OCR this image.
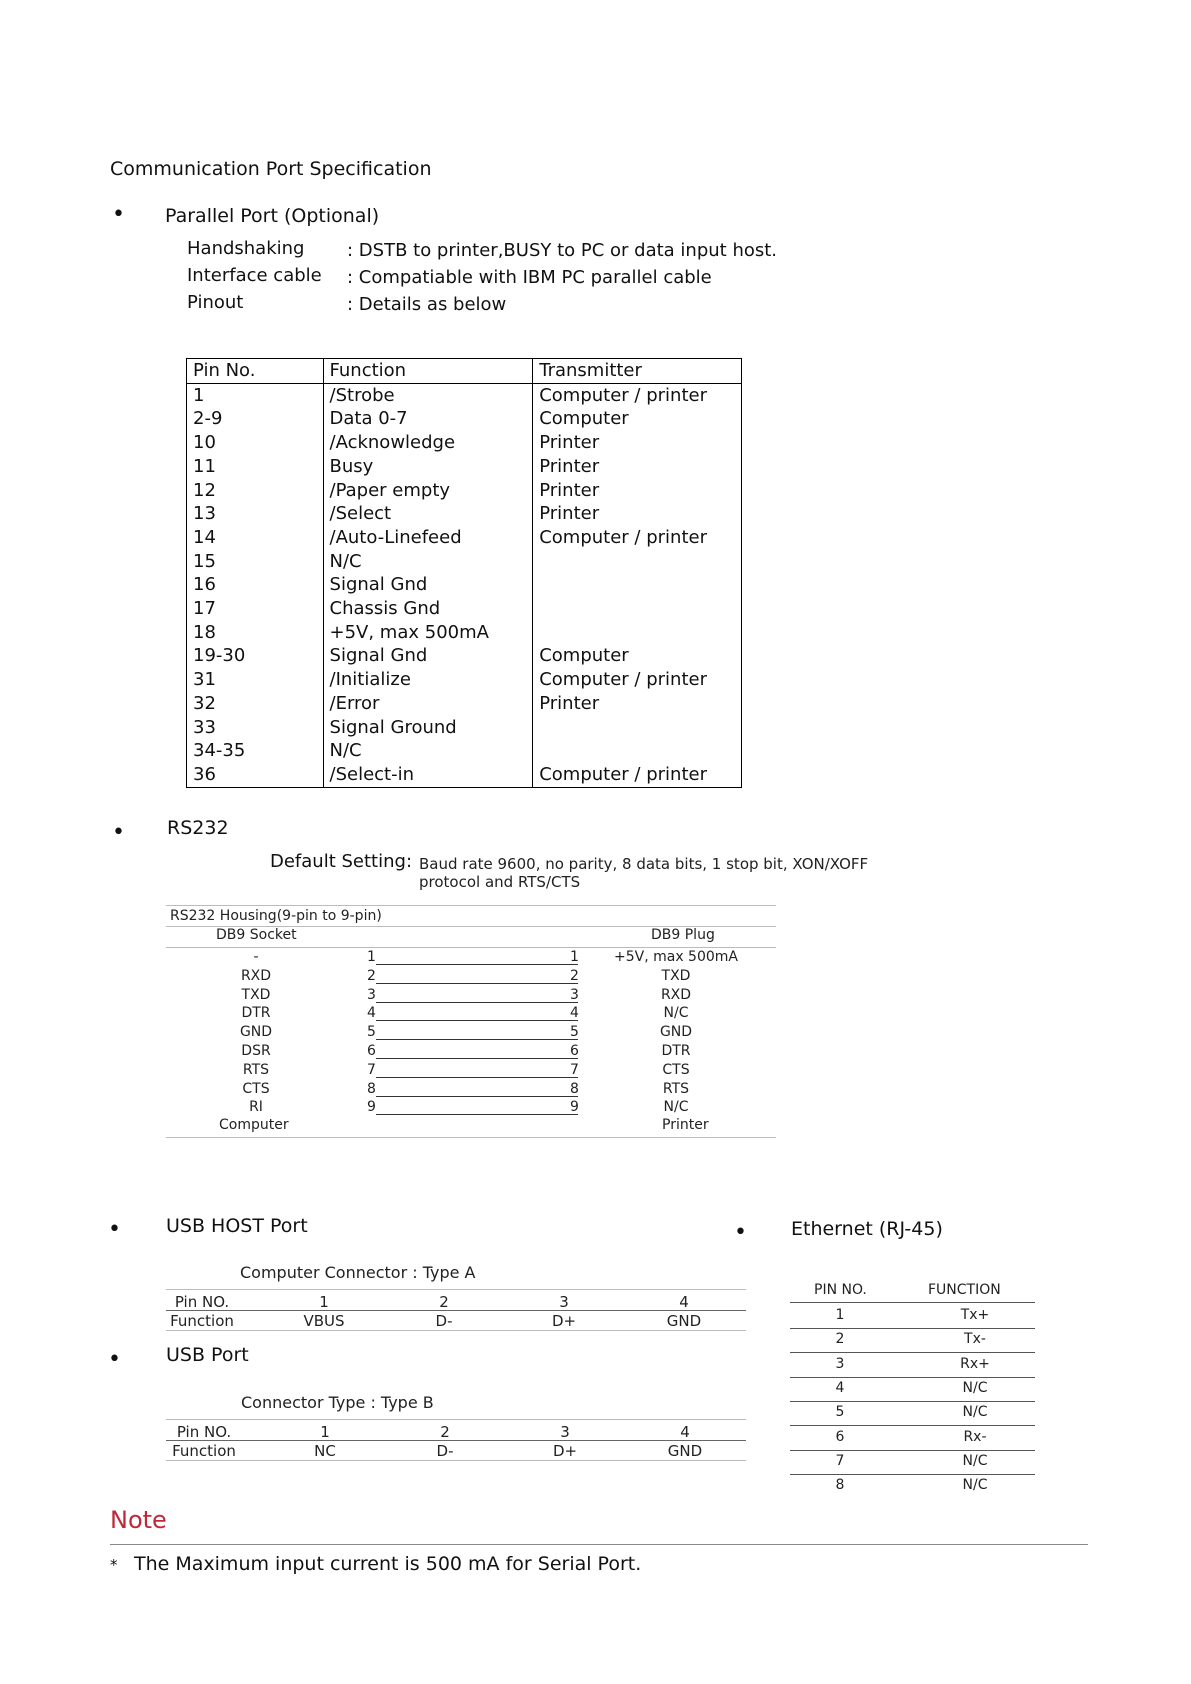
Communication Port Specification
• Parallel Port (Optional)
Handshaking : DSTB to printer,BUSY to PC or data input host.
Interface cable : Compatiable with IBM PC parallel cable
Pinout	: Details as below
Pin No.	Function	Transmitter
1	/Strobe	Computer / printer
2-9	Data 0-7	Computer
10	/Acknowledge	Printer
11	Busy	Printer
12	/Paper empty	Printer
13	/Select	Printer
14	/Auto-Linefeed	Computer / printer
15	N/C	
16	Signal Gnd	
17	Chassis Gnd	
18	+5V, max 500mA	
19-30	Signal Gnd	Computer
31	/Initialize	Computer / printer
32	/Error	Printer
33	Signal Ground	
34-35	N/C	
36	/Select-in	Computer / printer
• RS232
Default Setting: Baud rate 9600, no parity, 8 data bits, 1 stop bit, XON/XOFF
protocol and RTS/CTS
RS232 Housing(9-pin to 9-pin)
DB9 Socket	DB9 Plug
-	1	1	+5V, max 500mA
RXD	2	2	TXD
TXD	3	3	RXD
DTR	4	4	N/C
GND	5	5	GND
DSR	6	6	DTR
RTS	7	7	CTS
CTS	8	8	RTS
RI	9	9	N/C
Computer	Printer
• USB HOST Port
Computer Connector : Type A
Pin NO.	1	2	3	4
Function	VBUS	D-	D+	GND
• USB Port
Connector Type : Type B
Pin NO.	1	2	3	4
Function	NC	D-	D+	GND
• Ethernet (RJ-45)
PIN NO.	FUNCTION
1	Tx+
2	Tx-
3	Rx+
4	N/C
5	N/C
6	Rx-
7	N/C
8	N/C
Note
* The Maximum input current is 500 mA for Serial Port.
